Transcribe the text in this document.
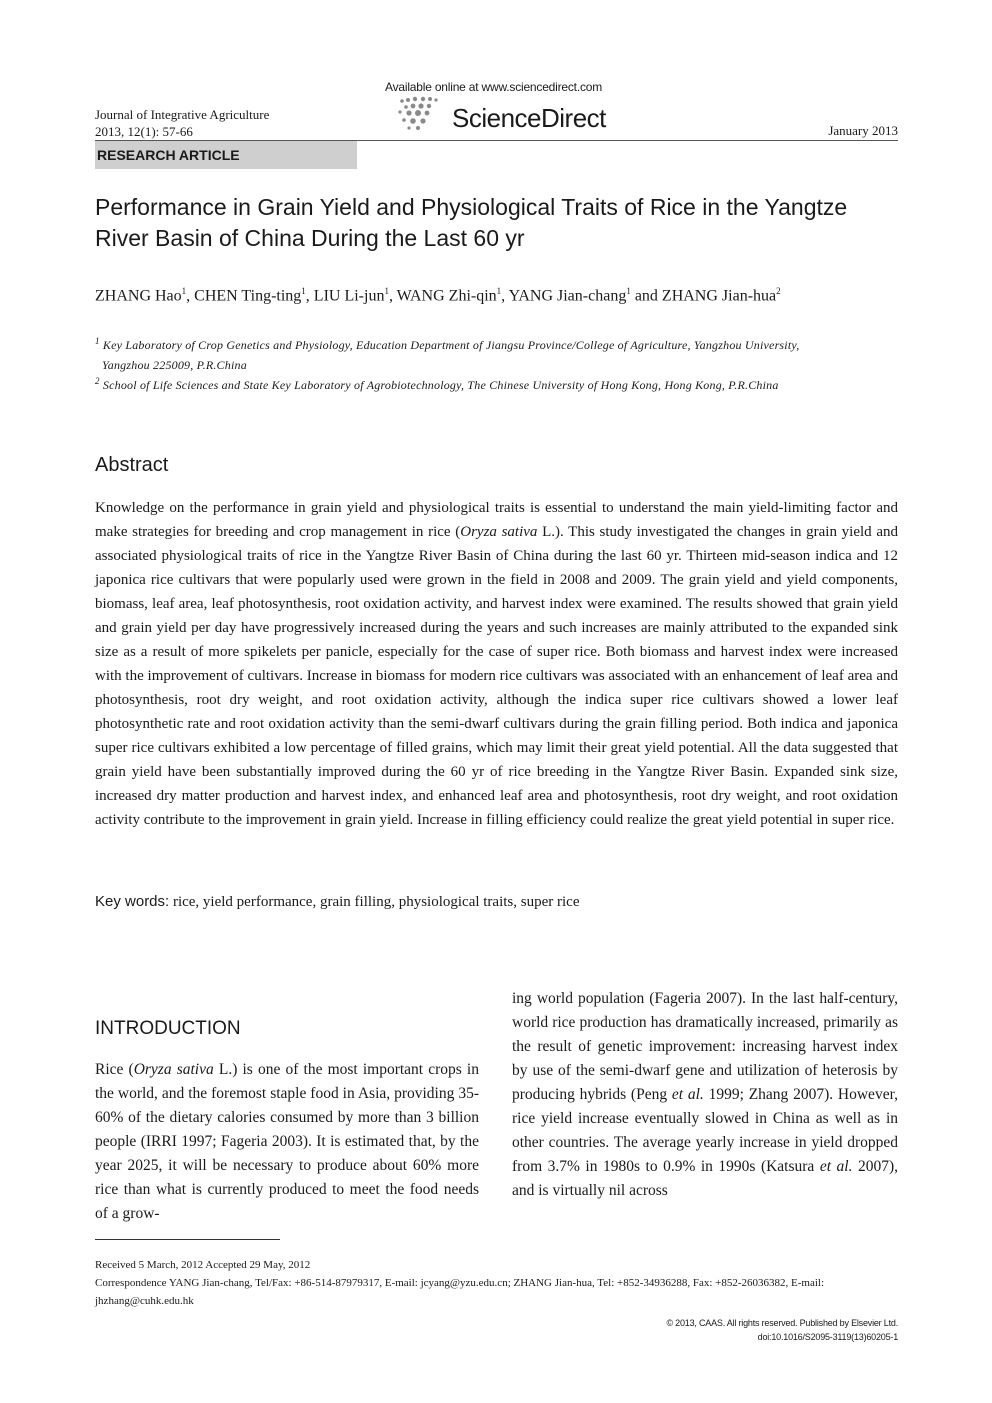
Journal of Integrative Agriculture
2013, 12(1): 57-66
Available online at www.sciencedirect.com
ScienceDirect	January 2013
RESEARCH ARTICLE
Performance in Grain Yield and Physiological Traits of Rice in the Yangtze River Basin of China During the Last 60 yr
ZHANG Hao$^1$, CHEN Ting-ting$^1$, LIU Li-jun$^1$, WANG Zhi-qin$^1$, YANG Jian-chang$^1$ and ZHANG Jian-hua$^2$
$^1$ Key Laboratory of Crop Genetics and Physiology, Education Department of Jiangsu Province/College of Agriculture, Yangzhou University,
Yangzhou 225009, P.R.China
$^2$ School of Life Sciences and State Key Laboratory of Agrobiotechnology, The Chinese University of Hong Kong, Hong Kong, P.R.China
Abstract
Knowledge on the performance in grain yield and physiological traits is essential to understand the main yield-limiting factor and make strategies for breeding and crop management in rice (Oryza sativa L.). This study investigated the changes in grain yield and associated physiological traits of rice in the Yangtze River Basin of China during the last 60 yr. Thirteen mid-season indica and 12 japonica rice cultivars that were popularly used were grown in the field in 2008 and 2009. The grain yield and yield components, biomass, leaf area, leaf photosynthesis, root oxidation activity, and harvest index were examined. The results showed that grain yield and grain yield per day have progressively increased during the years and such increases are mainly attributed to the expanded sink size as a result of more spikelets per panicle, especially for the case of super rice. Both biomass and harvest index were increased with the improvement of cultivars. Increase in biomass for modern rice cultivars was associated with an enhancement of leaf area and photosynthesis, root dry weight, and root oxidation activity, although the indica super rice cultivars showed a lower leaf photosynthetic rate and root oxidation activity than the semi-dwarf cultivars during the grain filling period. Both indica and japonica super rice cultivars exhibited a low percentage of filled grains, which may limit their great yield potential. All the data suggested that grain yield have been substantially improved during the 60 yr of rice breeding in the Yangtze River Basin. Expanded sink size, increased dry matter production and harvest index, and enhanced leaf area and photosynthesis, root dry weight, and root oxidation activity contribute to the improvement in grain yield. Increase in filling efficiency could realize the great yield potential in super rice.
Key words: rice, yield performance, grain filling, physiological traits, super rice
INTRODUCTION
Rice (Oryza sativa L.) is one of the most important crops in the world, and the foremost staple food in Asia, providing 35-60% of the dietary calories consumed by more than 3 billion people (IRRI 1997; Fageria 2003). It is estimated that, by the year 2025, it will be necessary to produce about 60% more rice than what is currently produced to meet the food needs of a grow-
ing world population (Fageria 2007). In the last half-century, world rice production has dramatically increased, primarily as the result of genetic improvement: increasing harvest index by use of the semi-dwarf gene and utilization of heterosis by producing hybrids (Peng et al. 1999; Zhang 2007). However, rice yield increase eventually slowed in China as well as in other countries. The average yearly increase in yield dropped from 3.7% in 1980s to 0.9% in 1990s (Katsura et al. 2007), and is virtually nil across
Received 5 March, 2012 Accepted 29 May, 2012
Correspondence YANG Jian-chang, Tel/Fax: +86-514-87979317, E-mail: jcyang@yzu.edu.cn; ZHANG Jian-hua, Tel: +852-34936288, Fax: +852-26036382, E-mail: jhzhang@cuhk.edu.hk
© 2013, CAAS. All rights reserved. Published by Elsevier Ltd.
doi:10.1016/S2095-3119(13)60205-1
